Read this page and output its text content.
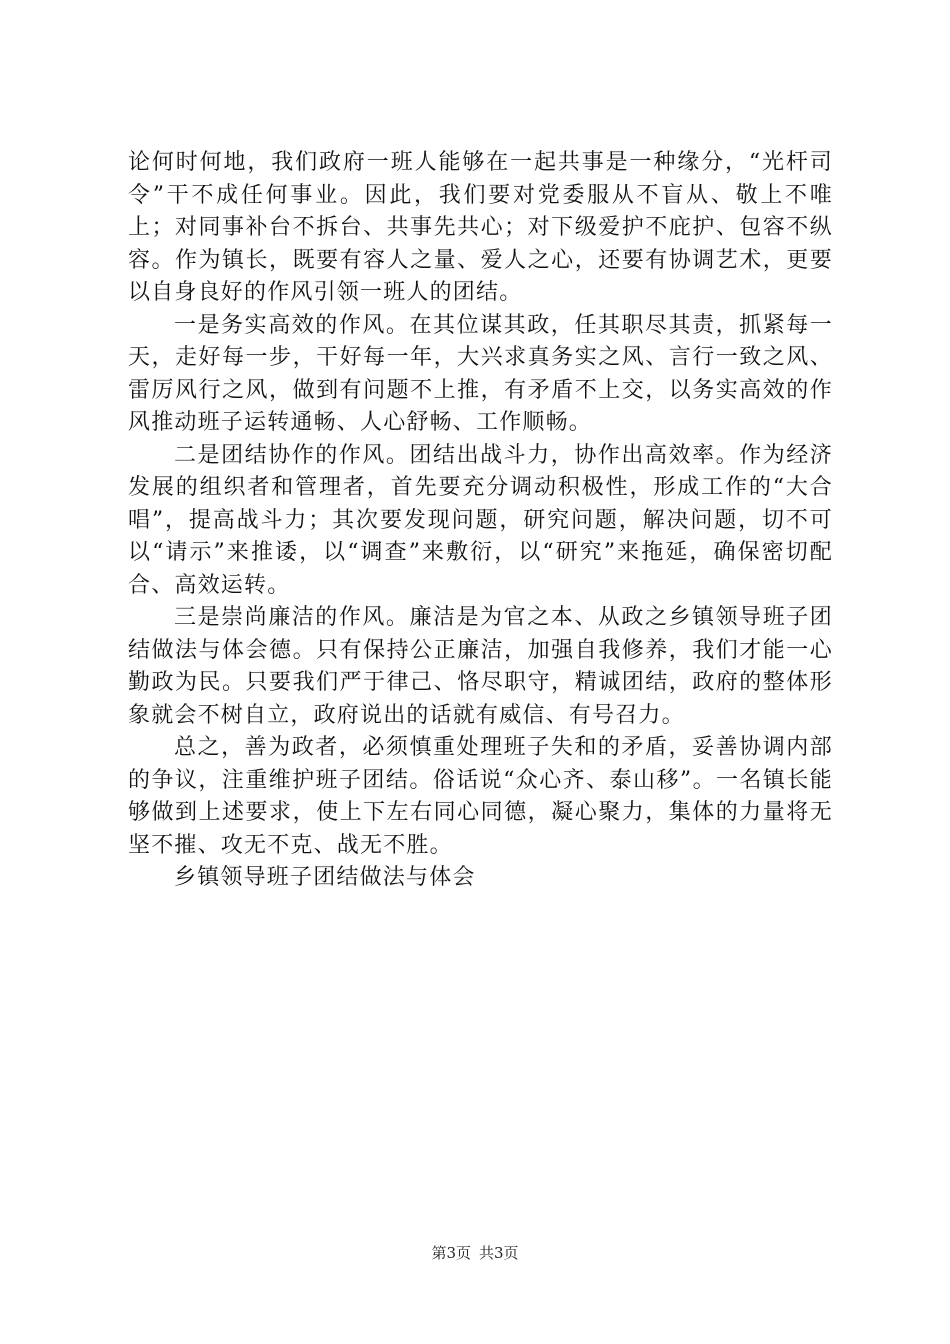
论何时何地，我们政府一班人能够在一起共事是一种缘分，“光杆司令”干不成任何事业。因此，我们要对党委服从不盲从、敬上不唯上；对同事补台不拆台、共事先共心；对下级爱护不庇护、包容不纵容。作为镇长，既要有容人之量、爱人之心，还要有协调艺术，更要以自身良好的作风引领一班人的团结。

一是务实高效的作风。在其位谋其政，任其职尽其责，抓紧每一天，走好每一步，干好每一年，大兴求真务实之风、言行一致之风、雷厉风行之风，做到有问题不上推，有矛盾不上交，以务实高效的作风推动班子运转通畅、人心舒畅、工作顺畅。

二是团结协作的作风。团结出战斗力，协作出高效率。作为经济发展的组织者和管理者，首先要充分调动积极性，形成工作的“大合唱”，提高战斗力；其次要发现问题，研究问题，解决问题，切不可以“请示”来推诿，以“调查”来敷衍，以“研究”来拖延，确保密切配合、高效运转。

三是崇尚廉洁的作风。廉洁是为官之本、从政之乡镇领导班子团结做法与体会德。只有保持公正廉洁，加强自我修养，我们才能一心勤政为民。只要我们严于律己、恪尽职守，精诚团结，政府的整体形象就会不树自立，政府说出的话就有威信、有号召力。

总之，善为政者，必须慎重处理班子失和的矛盾，妥善协调内部的争议，注重维护班子团结。俗话说“众心齐、泰山移”。一名镇长能够做到上述要求，使上下左右同心同德，凝心聚力，集体的力量将无坚不摧、攻无不克、战无不胜。

乡镇领导班子团结做法与体会

第3页 共3页
